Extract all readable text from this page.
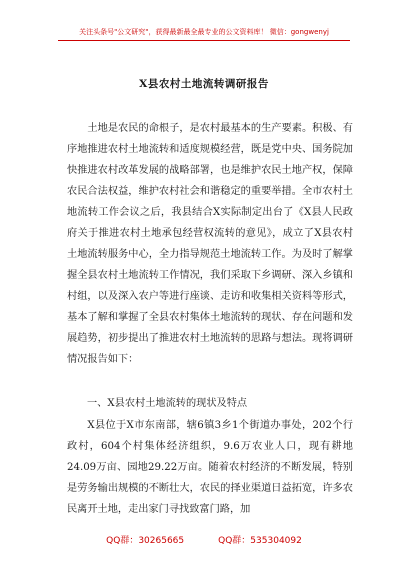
关注头条号"公文研究"，获得最新最全最专业的公文资料库！ 微信：gongwenyj
X县农村土地流转调研报告

土地是农民的命根子，是农村最基本的生产要素。积极、有序地推进农村土地流转和适度规模经营，既是党中央、国务院加快推进农村改革发展的战略部署，也是维护农民土地产权，保障农民合法权益，维护农村社会和谐稳定的重要举措。全市农村土地流转工作会议之后，我县结合X实际制定出台了《X县人民政府关于推进农村土地承包经营权流转的意见》，成立了X县农村土地流转服务中心，全力指导规范土地流转工作。为及时了解掌握全县农村土地流转工作情况，我们采取下乡调研、深入乡镇和村组，以及深入农户等进行座谈、走访和收集相关资料等形式，基本了解和掌握了全县农村集体土地流转的现状、存在问题和发展趋势，初步提出了推进农村土地流转的思路与想法。现将调研情况报告如下：

一、X县农村土地流转的现状及特点

X县位于X市东南部，辖6镇3乡1个街道办事处，202个行政村，604个村集体经济组织，9.6万农业人口，现有耕地24.09万亩、园地29.22万亩。随着农村经济的不断发展，特别是劳务输出规模的不断壮大，农民的择业渠道日益拓宽，许多农民离开土地，走出家门寻找致富门路，加

QQ群：30265665	QQ群：535304092
